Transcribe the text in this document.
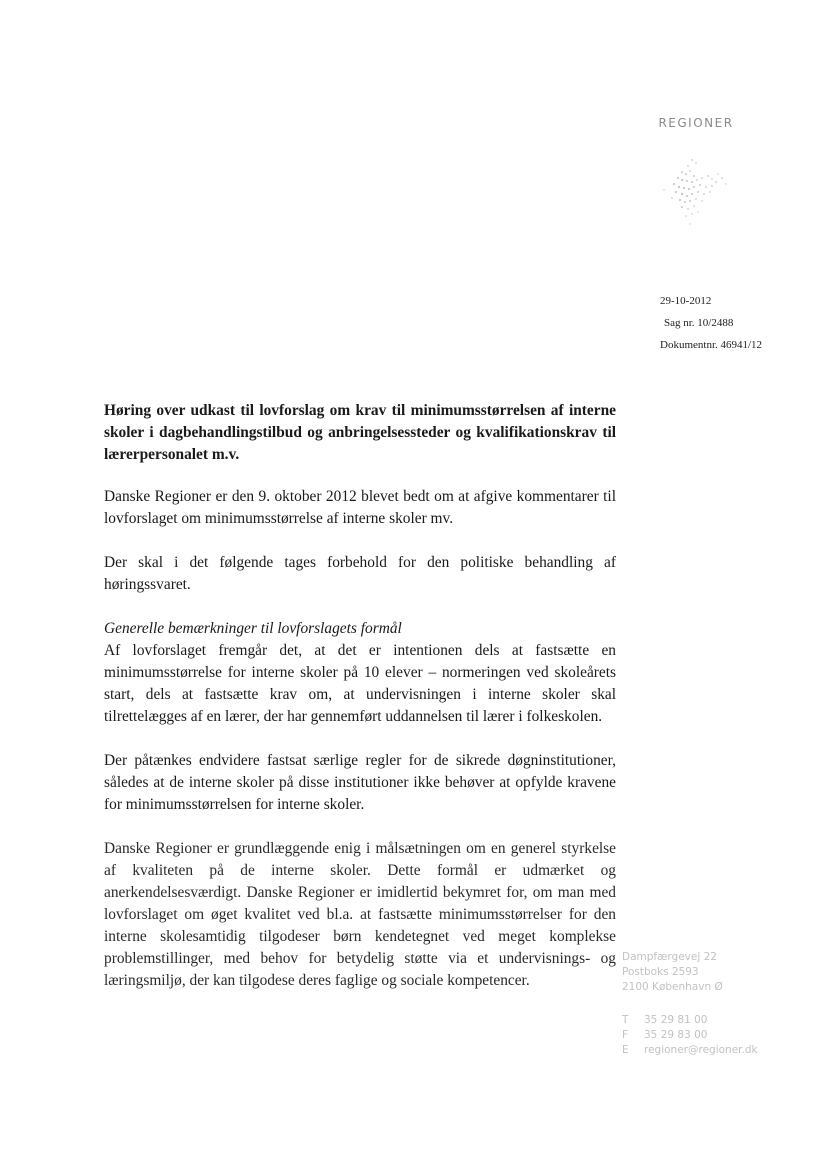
REGIONER
29-10-2012
Sag nr. 10/2488
Dokumentnr. 46941/12
Høring over udkast til lovforslag om krav til minimumsstørrelsen af interne skoler i dagbehandlingstilbud og anbringelsessteder og kvalifikationskrav til lærerpersonalet m.v.
Danske Regioner er den 9. oktober 2012 blevet bedt om at afgive kommentarer til lovforslaget om minimumsstørrelse af interne skoler mv.
Der skal i det følgende tages forbehold for den politiske behandling af høringssvaret.
Generelle bemærkninger til lovforslagets formål
Af lovforslaget fremgår det, at det er intentionen dels at fastsætte en minimumsstørrelse for interne skoler på 10 elever – normeringen ved skoleårets start, dels at fastsætte krav om, at undervisningen i interne skoler skal tilrettelægges af en lærer, der har gennemført uddannelsen til lærer i folkeskolen.
Der påtænkes endvidere fastsat særlige regler for de sikrede døgninstitutioner, således at de interne skoler på disse institutioner ikke behøver at opfylde kravene for minimumsstørrelsen for interne skoler.
Danske Regioner er grundlæggende enig i målsætningen om en generel styrkelse af kvaliteten på de interne skoler. Dette formål er udmærket og anerkendelsesværdigt. Danske Regioner er imidlertid bekymret for, om man med lovforslaget om øget kvalitet ved bl.a. at fastsætte minimumsstørrelser for den interne skolesamtidig tilgodeser børn kendetegnet ved meget komplekse problemstillinger, med behov for betydelig støtte via et undervisnings- og læringsmiljø, der kan tilgodese deres faglige og sociale kompetencer.
Dampfærgevej 22
Postboks 2593
2100 København Ø
T 35 29 81 00
F 35 29 83 00
E regioner@regioner.dk
